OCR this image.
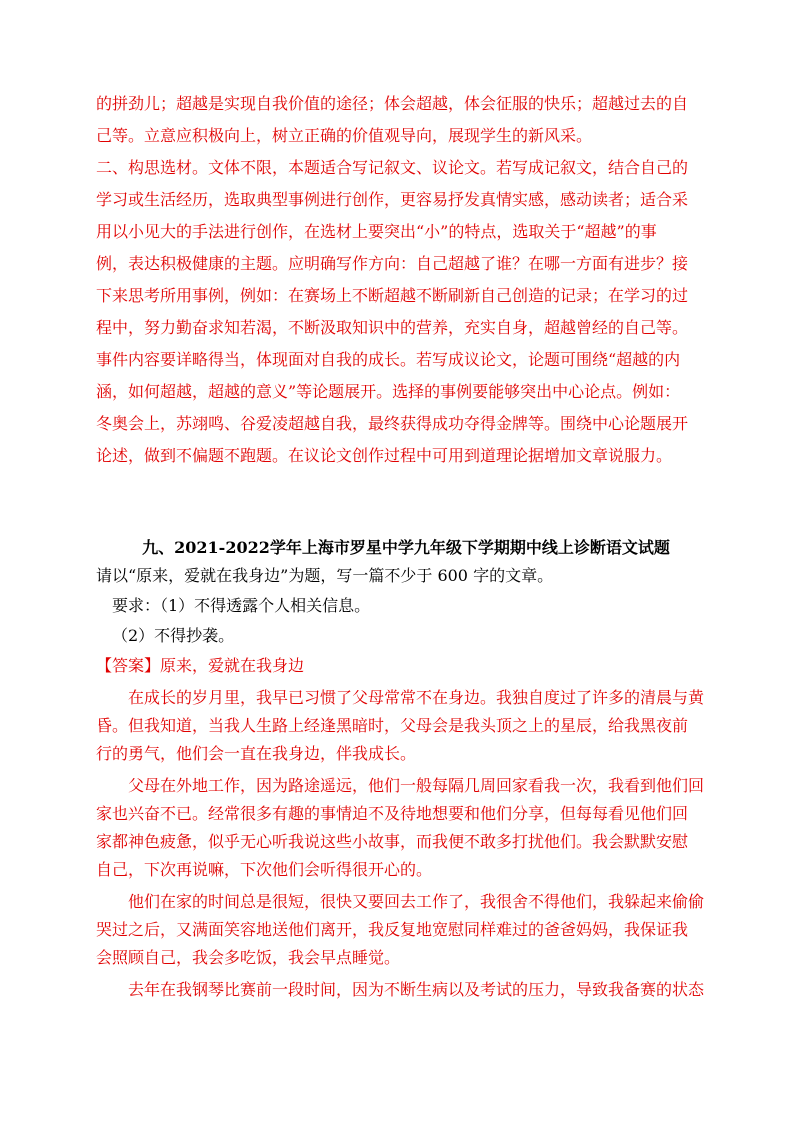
的拼劲儿；超越是实现自我价值的途径；体会超越，体会征服的快乐；超越过去的自
己等。立意应积极向上，树立正确的价值观导向，展现学生的新风采。
二、构思选材。文体不限，本题适合写记叙文、议论文。若写成记叙文，结合自己的
学习或生活经历，选取典型事例进行创作，更容易抒发真情实感，感动读者；适合采
用以小见大的手法进行创作，在选材上要突出“小”的特点，选取关于“超越”的事
例，表达积极健康的主题。应明确写作方向：自己超越了谁？在哪一方面有进步？接
下来思考所用事例，例如：在赛场上不断超越不断刷新自己创造的记录；在学习的过
程中，努力勤奋求知若渴，不断汲取知识中的营养，充实自身，超越曾经的自己等。
事件内容要详略得当，体现面对自我的成长。若写成议论文，论题可围绕“超越的内
涵，如何超越，超越的意义”等论题展开。选择的事例要能够突出中心论点。例如：
冬奥会上，苏翊鸣、谷爱凌超越自我，最终获得成功夺得金牌等。围绕中心论题展开
论述，做到不偏题不跑题。在议论文创作过程中可用到道理论据增加文章说服力。
九、2021-2022学年上海市罗星中学九年级下学期期中线上诊断语文试题
请以“原来，爱就在我身边”为题，写一篇不少于 600 字的文章。
要求：（1）不得透露个人相关信息。
（2）不得抄袭。
【答案】原来，爱就在我身边
在成长的岁月里，我早已习惯了父母常常不在身边。我独自度过了许多的清晨与黄
昏。但我知道，当我人生路上经逢黑暗时，父母会是我头顶之上的星辰，给我黑夜前
行的勇气，他们会一直在我身边，伴我成长。
父母在外地工作，因为路途遥远，他们一般每隔几周回家看我一次，我看到他们回
家也兴奋不已。经常很多有趣的事情迫不及待地想要和他们分享，但每每看见他们回
家都神色疲惫，似乎无心听我说这些小故事，而我便不敢多打扰他们。我会默默安慰
自己，下次再说嘛，下次他们会听得很开心的。
他们在家的时间总是很短，很快又要回去工作了，我很舍不得他们，我躲起来偷偷
哭过之后，又满面笑容地送他们离开，我反复地宽慰同样难过的爸爸妈妈，我保证我
会照顾自己，我会多吃饭，我会早点睡觉。
去年在我钢琴比赛前一段时间，因为不断生病以及考试的压力，导致我备赛的状态
